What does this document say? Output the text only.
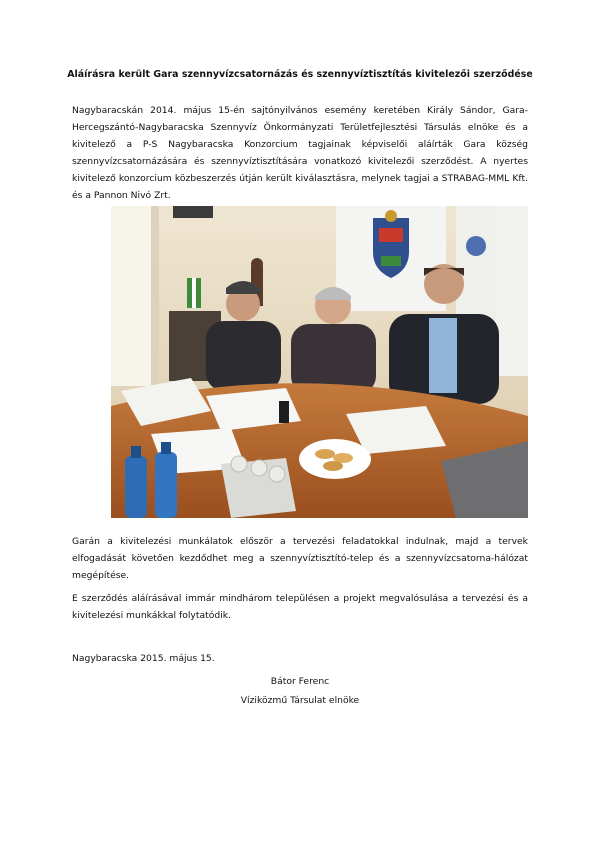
Aláírásra került Gara szennyvízcsatornázás és szennyvíztisztítás kivitelezői szerződése

Nagybaracskán 2014. május 15-én sajtónyilvános esemény keretében Király Sándor, Gara-Hercegszántó-Nagybaracska Szennyvíz Önkormányzati Területfejlesztési Társulás elnöke és a kivitelező a P-S Nagybaracska Konzorcium tagjainak képviselői aláírták Gara község szennyvízcsatornázására és szennyvíztisztítására vonatkozó kivitelezői szerződést. A nyertes kivitelező konzorcium közbeszerzés útján került kiválasztásra, melynek tagjai a STRABAG-MML Kft. és a Pannon Nivó Zrt.

Garán a kivitelezési munkálatok először a tervezési feladatokkal indulnak, majd a tervek elfogadását követően kezdődhet meg a szennyvíztisztító-telep és a szennyvízcsatorna-hálózat megépítése.

E szerződés aláírásával immár mindhárom településen a projekt megvalósulása a tervezési és a kivitelezési munkákkal folytatódik.

Nagybaracska 2015. május 15.
Bátor Ferenc
Víziközmű Társulat elnöke
